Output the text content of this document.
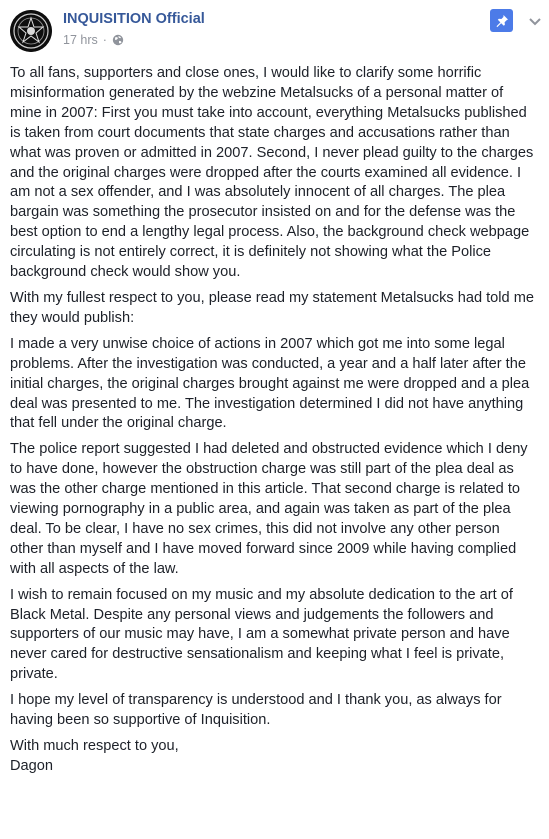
INQUISITION Official
17 hrs ·

To all fans, supporters and close ones, I would like to clarify some horrific misinformation generated by the webzine Metalsucks of a personal matter of mine in 2007: First you must take into account, everything Metalsucks published is taken from court documents that state charges and accusations rather than what was proven or admitted in 2007. Second, I never plead guilty to the charges and the original charges were dropped after the courts examined all evidence. I am not a sex offender, and I was absolutely innocent of all charges. The plea bargain was something the prosecutor insisted on and for the defense was the best option to end a lengthy legal process. Also, the background check webpage circulating is not entirely correct, it is definitely not showing what the Police background check would show you.

With my fullest respect to you, please read my statement Metalsucks had told me they would publish:

I made a very unwise choice of actions in 2007 which got me into some legal problems. After the investigation was conducted, a year and a half later after the initial charges, the original charges brought against me were dropped and a plea deal was presented to me. The investigation determined I did not have anything that fell under the original charge.

The police report suggested I had deleted and obstructed evidence which I deny to have done, however the obstruction charge was still part of the plea deal as was the other charge mentioned in this article. That second charge is related to viewing pornography in a public area, and again was taken as part of the plea deal. To be clear, I have no sex crimes, this did not involve any other person other than myself and I have moved forward since 2009 while having complied with all aspects of the law.

I wish to remain focused on my music and my absolute dedication to the art of Black Metal. Despite any personal views and judgements the followers and supporters of our music may have, I am a somewhat private person and have never cared for destructive sensationalism and keeping what I feel is private, private.

I hope my level of transparency is understood and I thank you, as always for having been so supportive of Inquisition.

With much respect to you,
Dagon
